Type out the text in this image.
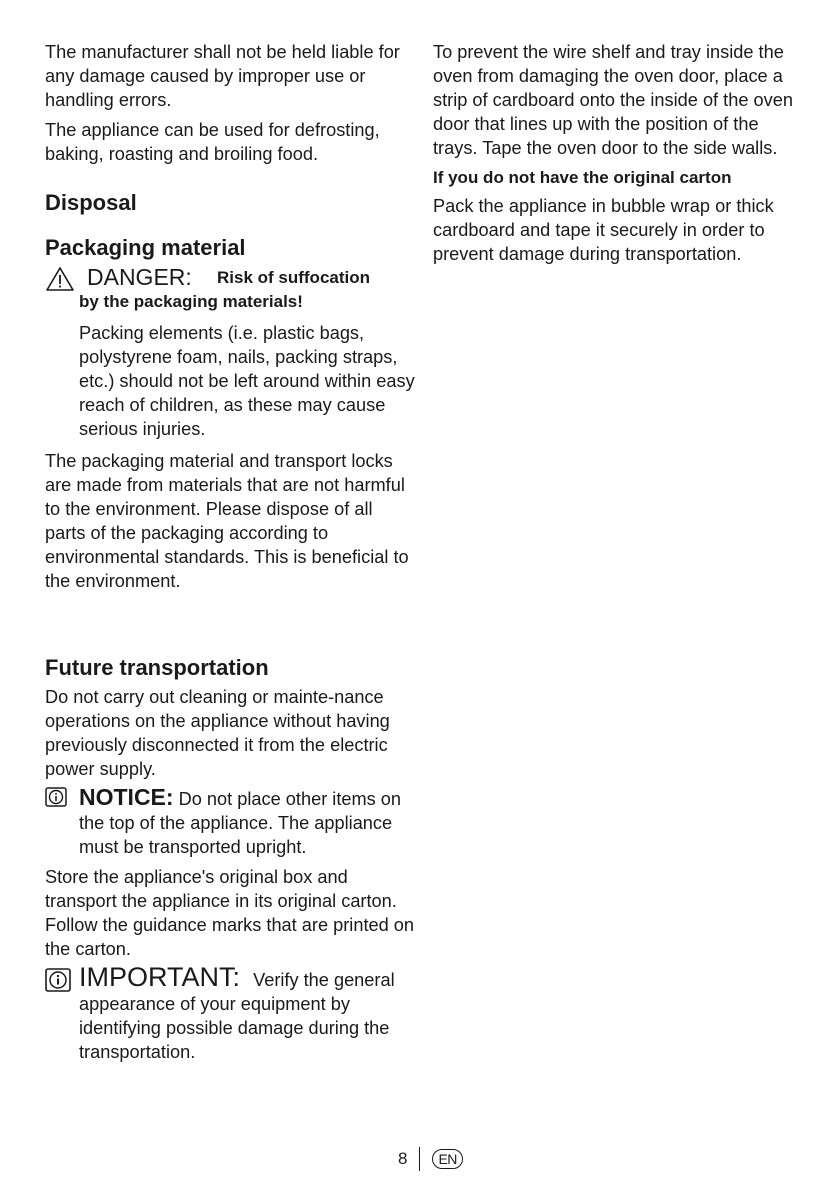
The manufacturer shall not be held liable for any damage caused by improper use or handling errors.

The appliance can be used for defrosting, baking, roasting and broiling food.

Disposal
Packaging material
DANGER:	Risk of suffocation
by the packaging materials!

Packing elements (i.e. plastic bags, polystyrene foam, nails, packing straps, etc.) should not be left around within easy reach of children, as these may cause serious injuries.

The packaging material and transport locks are made from materials that are not harmful to the environment. Please dispose of all parts of the packaging according to environmental standards. This is beneficial to the environment.

Future transportation

Do not carry out cleaning or mainte-nance operations on the appliance without having previously disconnected it from the electric power supply.

NOTICE: Do not place other items on the top of the appliance. The appliance must be transported upright.

Store the appliance's original box and transport the appliance in its original carton. Follow the guidance marks that are printed on the carton.

IMPORTANT: Verify the general appearance of your equipment by identifying possible damage during the transportation.

To prevent the wire shelf and tray inside the oven from damaging the oven door, place a strip of cardboard onto the inside of the oven door that lines up with the position of the trays. Tape the oven door to the side walls.

If you do not have the original carton

Pack the appliance in bubble wrap or thick cardboard and tape it securely in order to prevent damage during transportation.

8	EN
